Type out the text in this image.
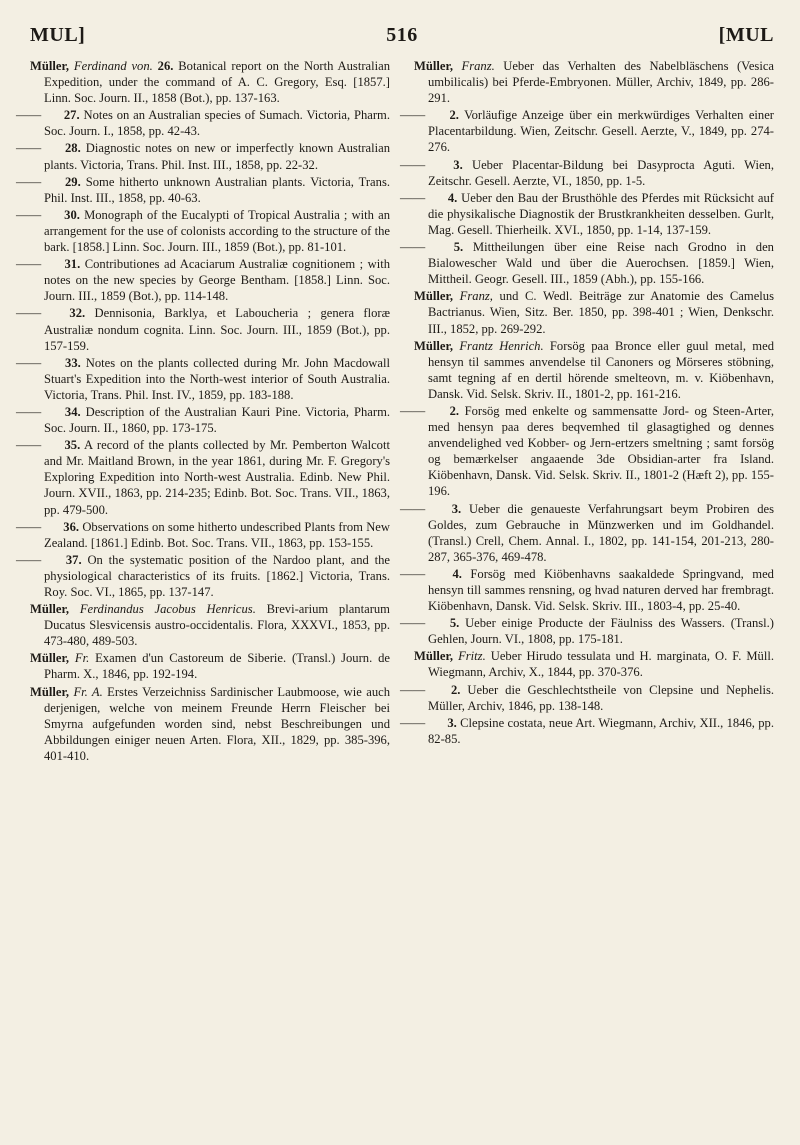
MUL]	516	[MUL

Müller, Ferdinand von. 26. Botanical report on the North Australian Expedition, under the command of A. C. Gregory, Esq. [1857.] Linn. Soc. Journ. II., 1858 (Bot.), pp. 137-163.

—— 27. Notes on an Australian species of Sumach. Victoria, Pharm. Soc. Journ. I., 1858, pp. 42-43.

—— 28. Diagnostic notes on new or imperfectly known Australian plants. Victoria, Trans. Phil. Inst. III., 1858, pp. 22-32.

—— 29. Some hitherto unknown Australian plants. Victoria, Trans. Phil. Inst. III., 1858, pp. 40-63.

—— 30. Monograph of the Eucalypti of Tropical Australia ; with an arrangement for the use of colonists according to the structure of the bark. [1858.] Linn. Soc. Journ. III., 1859 (Bot.), pp. 81-101.

—— 31. Contributiones ad Acaciarum Australiæ cognitionem ; with notes on the new species by George Bentham. [1858.] Linn. Soc. Journ. III., 1859 (Bot.), pp. 114-148.

—— 32. Dennisonia, Barklya, et Laboucheria ; genera floræ Australiæ nondum cognita. Linn. Soc. Journ. III., 1859 (Bot.), pp. 157-159.

—— 33. Notes on the plants collected during Mr. John Macdowall Stuart's Expedition into the North-west interior of South Australia. Victoria, Trans. Phil. Inst. IV., 1859, pp. 183-188.

—— 34. Description of the Australian Kauri Pine. Victoria, Pharm. Soc. Journ. II., 1860, pp. 173-175.

—— 35. A record of the plants collected by Mr. Pemberton Walcott and Mr. Maitland Brown, in the year 1861, during Mr. F. Gregory's Exploring Expedition into North-west Australia. Edinb. New Phil. Journ. XVII., 1863, pp. 214-235; Edinb. Bot. Soc. Trans. VII., 1863, pp. 479-500.

—— 36. Observations on some hitherto undescribed Plants from New Zealand. [1861.] Edinb. Bot. Soc. Trans. VII., 1863, pp. 153-155.

—— 37. On the systematic position of the Nardoo plant, and the physiological characteristics of its fruits. [1862.] Victoria, Trans. Roy. Soc. VI., 1865, pp. 137-147.

Müller, Ferdinandus Jacobus Henricus. Brevi-arium plantarum Ducatus Slesvicensis austro-occidentalis. Flora, XXXVI., 1853, pp. 473-480, 489-503.

Müller, Fr. Examen d'un Castoreum de Siberie. (Transl.) Journ. de Pharm. X., 1846, pp. 192-194.

Müller, Fr. A. Erstes Verzeichniss Sardinischer Laubmoose, wie auch derjenigen, welche von meinem Freunde Herrn Fleischer bei Smyrna aufgefunden worden sind, nebst Beschreibungen und Abbildungen einiger neuen Arten. Flora, XII., 1829, pp. 385-396, 401-410.

Müller, Franz. Ueber das Verhalten des Nabelbläschens (Vesica umbilicalis) bei Pferde-Embryonen. Müller, Archiv, 1849, pp. 286-291.

—— 2. Vorläufige Anzeige über ein merkwürdiges Verhalten einer Placentarbildung. Wien, Zeitschr. Gesell. Aerzte, V., 1849, pp. 274-276.

—— 3. Ueber Placentar-Bildung bei Dasyprocta Aguti. Wien, Zeitschr. Gesell. Aerzte, VI., 1850, pp. 1-5.

—— 4. Ueber den Bau der Brusthöhle des Pferdes mit Rücksicht auf die physikalische Diagnostik der Brustkrankheiten desselben. Gurlt, Mag. Gesell. Thierheilk. XVI., 1850, pp. 1-14, 137-159.

—— 5. Mittheilungen über eine Reise nach Grodno in den Bialowescher Wald und über die Auerochsen. [1859.] Wien, Mittheil. Geogr. Gesell. III., 1859 (Abh.), pp. 155-166.

Müller, Franz, und C. Wedl. Beiträge zur Anatomie des Camelus Bactrianus. Wien, Sitz. Ber. 1850, pp. 398-401 ; Wien, Denkschr. III., 1852, pp. 269-292.

Müller, Frantz Henrich. Forsög paa Bronce eller guul metal, med hensyn til sammes anvendelse til Canoners og Mörseres stöbning, samt tegning af en dertil hörende smelteovn, m. v. Kiöbenhavn, Dansk. Vid. Selsk. Skriv. II., 1801-2, pp. 161-216.

—— 2. Forsög med enkelte og sammensatte Jord- og Steen-Arter, med hensyn paa deres beqvemhed til glasagtighed og dennes anvendelighed ved Kobber- og Jern-ertzers smeltning ; samt forsög og bemærkelser angaaende 3de Obsidian-arter fra Island. Kiöbenhavn, Dansk. Vid. Selsk. Skriv. II., 1801-2 (Hæft 2), pp. 155-196.

—— 3. Ueber die genaueste Verfahrungsart beym Probiren des Goldes, zum Gebrauche in Münzwerken und im Goldhandel. (Transl.) Crell, Chem. Annal. I., 1802, pp. 141-154, 201-213, 280-287, 365-376, 469-478.

—— 4. Forsög med Kiöbenhavns saakaldede Springvand, med hensyn till sammes rensning, og hvad naturen derved har frembragt. Kiöbenhavn, Dansk. Vid. Selsk. Skriv. III., 1803-4, pp. 25-40.

—— 5. Ueber einige Producte der Fäulniss des Wassers. (Transl.) Gehlen, Journ. VI., 1808, pp. 175-181.

Müller, Fritz. Ueber Hirudo tessulata und H. marginata, O. F. Müll. Wiegmann, Archiv, X., 1844, pp. 370-376.

—— 2. Ueber die Geschlechtstheile von Clepsine und Nephelis. Müller, Archiv, 1846, pp. 138-148.

—— 3. Clepsine costata, neue Art. Wiegmann, Archiv, XII., 1846, pp. 82-85.
